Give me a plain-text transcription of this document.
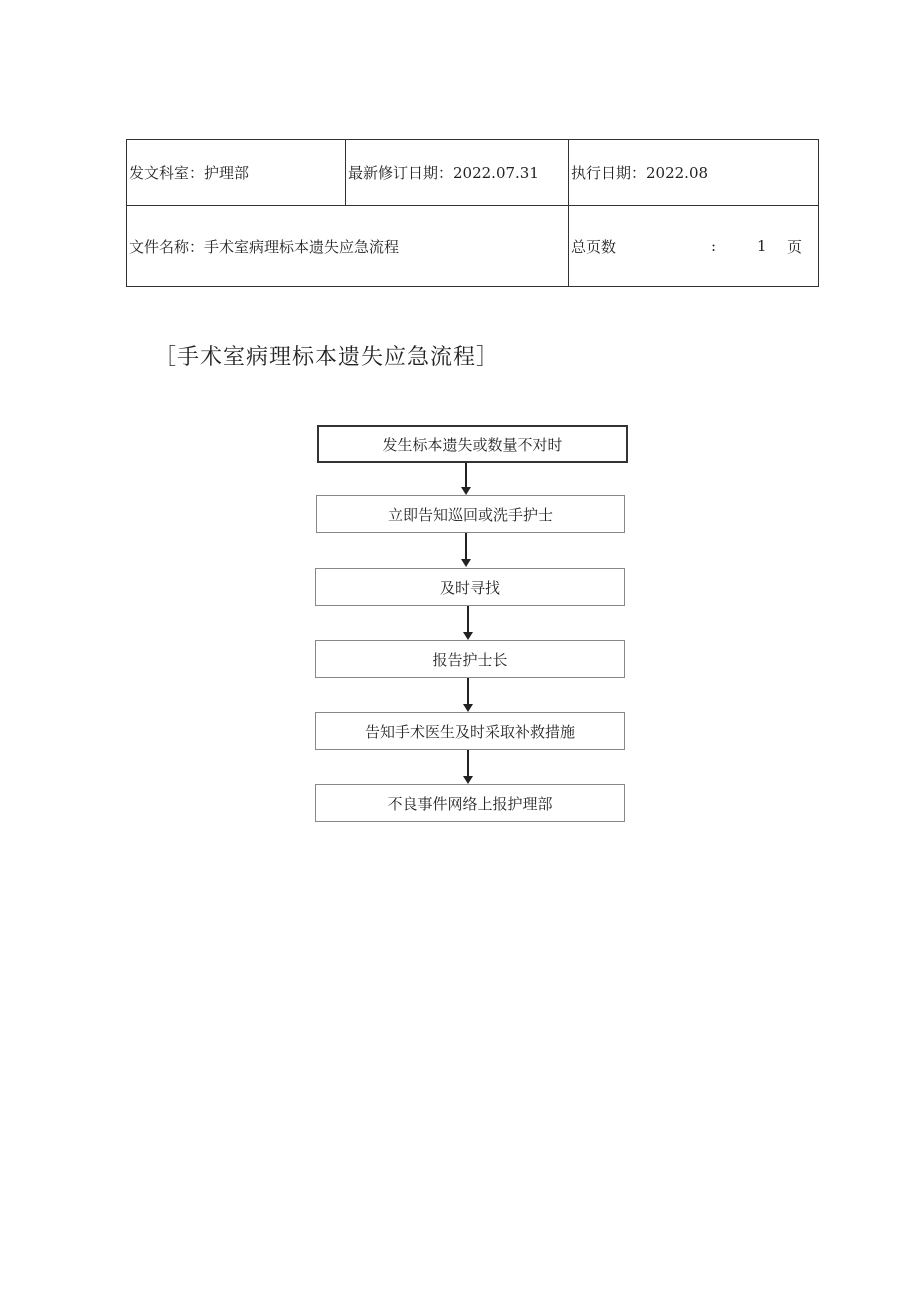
发文科室：护理部	最新修订日期：2022.07.31	执行日期：2022.08
文件名称：手术室病理标本遗失应急流程		总页数 : 1 页
［手术室病理标本遗失应急流程］
发生标本遗失或数量不对时
立即告知巡回或洗手护士
及时寻找
报告护士长
告知手术医生及时采取补救措施
不良事件网络上报护理部
